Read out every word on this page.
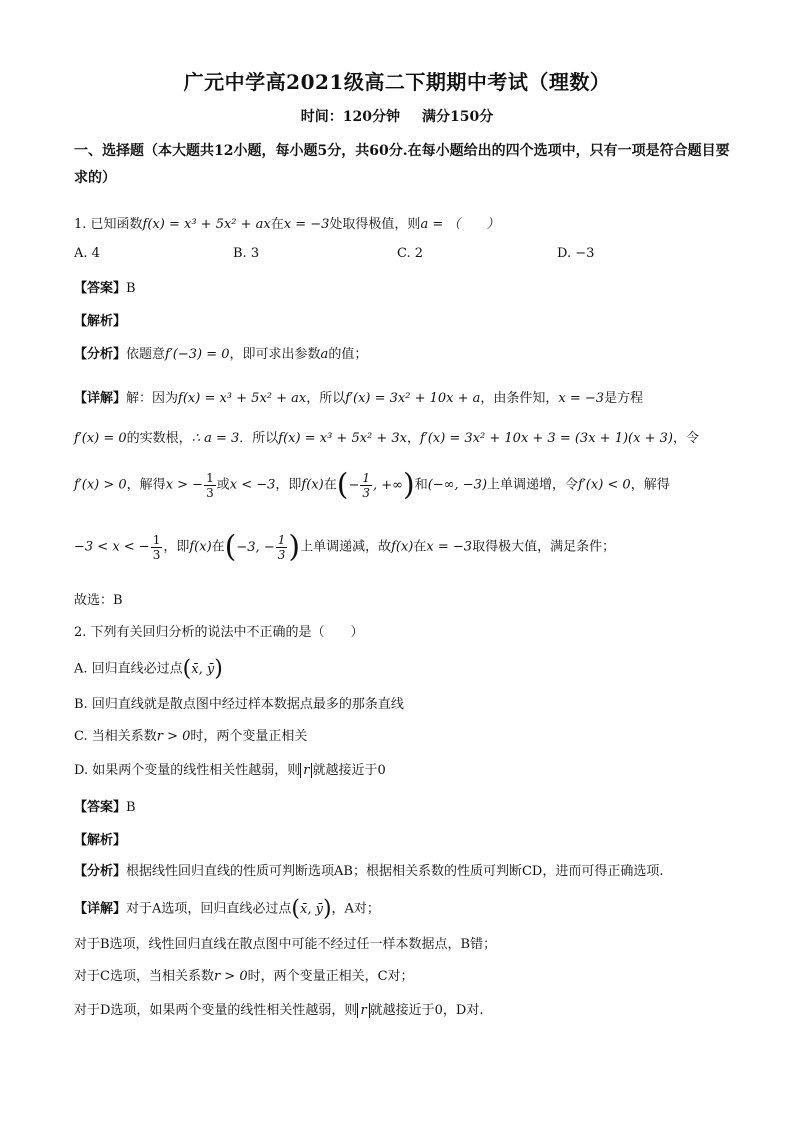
广元中学高2021级高二下期期中考试（理数）
时间：120分钟 满分150分
一、选择题（本大题共12小题，每小题5分，共60分.在每小题给出的四个选项中，只有一项是符合题目要求的）
1. 已知函数f(x) = x³ + 5x² + ax在x = −3处取得极值，则a = （　　）
A. 4	B. 3	C. 2	D. −3
【答案】B
【解析】
【分析】依题意f′(−3) = 0，即可求出参数a的值；
【详解】解：因为f(x) = x³ + 5x² + ax，所以f′(x) = 3x² + 10x + a，由条件知，x = −3是方程
f′(x) = 0的实数根，∴ a = 3．所以f(x) = x³ + 5x² + 3x，f′(x) = 3x² + 10x + 3 = (3x + 1)(x + 3)，令
f′(x) > 0，解得x > − $\frac{1}{3}$ 或x < −3，即f(x)在(− $\frac{1}{3}$ , +∞)和(−∞, −3)上单调递增，令f′(x) < 0，解得
−3 < x < − $\frac{1}{3}$ ，即f(x)在(−3, − $\frac{1}{3}$ )上单调递减，故f(x)在x = −3取得极大值，满足条件；
故选：B
2. 下列有关回归分析的说法中不正确的是（　　）
A. 回归直线必过点(x̄, ȳ)
B. 回归直线就是散点图中经过样本数据点最多的那条直线
C. 当相关系数r > 0时，两个变量正相关
D. 如果两个变量的线性相关性越弱，则 r 就越接近于0
【答案】B
【解析】
【分析】根据线性回归直线的性质可判断选项AB；根据相关系数的性质可判断CD，进而可得正确选项.
【详解】对于A选项，回归直线必过点(x̄, ȳ)，A对；
对于B选项，线性回归直线在散点图中可能不经过任一样本数据点，B错；
对于C选项，当相关系数r > 0时，两个变量正相关，C对；
对于D选项，如果两个变量的线性相关性越弱，则 r 就越接近于0，D对.
